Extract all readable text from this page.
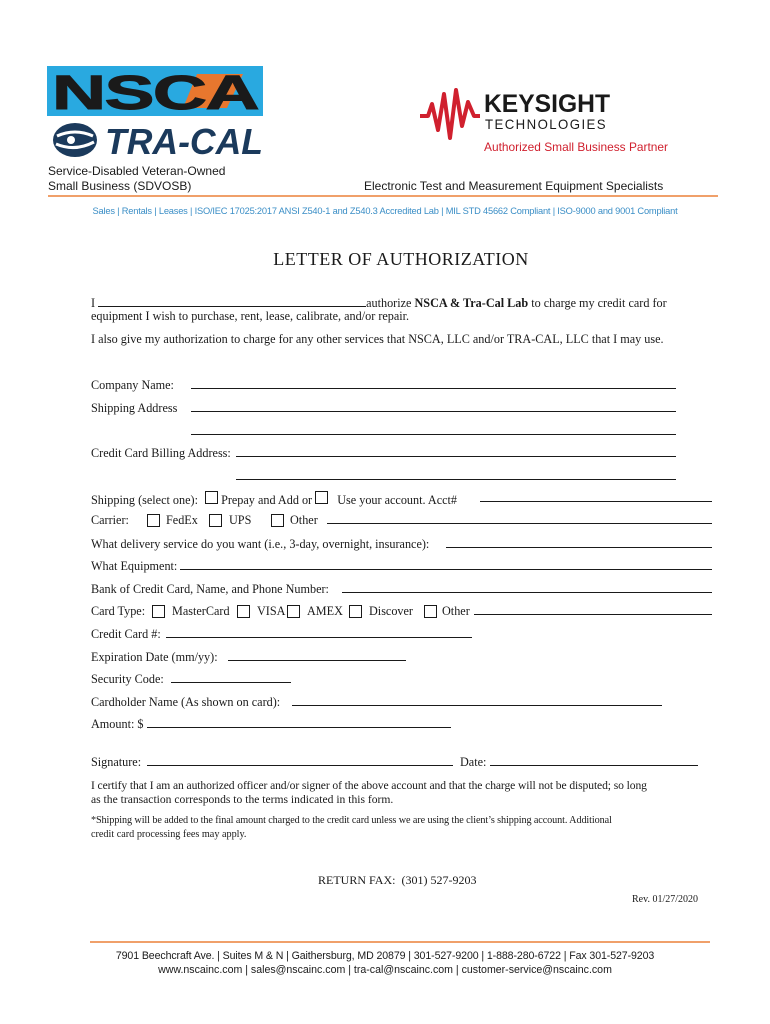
NSCA
TRA-CAL
KEYSIGHT
TECHNOLOGIES
Authorized Small Business Partner
Service-Disabled Veteran-Owned
Small Business (SDVOSB)	Electronic Test and Measurement Equipment Specialists
Sales | Rentals | Leases | ISO/IEC 17025:2017 ANSI Z540-1 and Z540.3 Accredited Lab | MIL STD 45662 Compliant | ISO-9000 and 9001 Compliant
LETTER OF AUTHORIZATION
I	authorize NSCA & Tra-Cal Lab to charge my credit card for
equipment I wish to purchase, rent, lease, calibrate, and/or repair.
I also give my authorization to charge for any other services that NSCA, LLC and/or TRA-CAL, LLC that I may use.
Company Name:
Shipping Address
Credit Card Billing Address:
Shipping (select one): Prepay and Add or Use your account. Acct#
Carrier:	FedEx	UPS	Other
What delivery service do you want (i.e., 3-day, overnight, insurance):
What Equipment:
Bank of Credit Card, Name, and Phone Number:
Card Type: MasterCard VISA AMEX Discover Other
Credit Card #:
Expiration Date (mm/yy):
Security Code:
Cardholder Name (As shown on card):
Amount: $
Signature:	Date:
I certify that I am an authorized officer and/or signer of the above account and that the charge will not be disputed; so long
as the transaction corresponds to the terms indicated in this form.
*Shipping will be added to the final amount charged to the credit card unless we are using the client’s shipping account. Additional
credit card processing fees may apply.
RETURN FAX:  (301) 527-9203
Rev. 01/27/2020
7901 Beechcraft Ave. | Suites M & N | Gaithersburg, MD 20879 | 301-527-9200 | 1-888-280-6722 | Fax 301-527-9203
www.nscainc.com | sales@nscainc.com | tra-cal@nscainc.com | customer-service@nscainc.com
